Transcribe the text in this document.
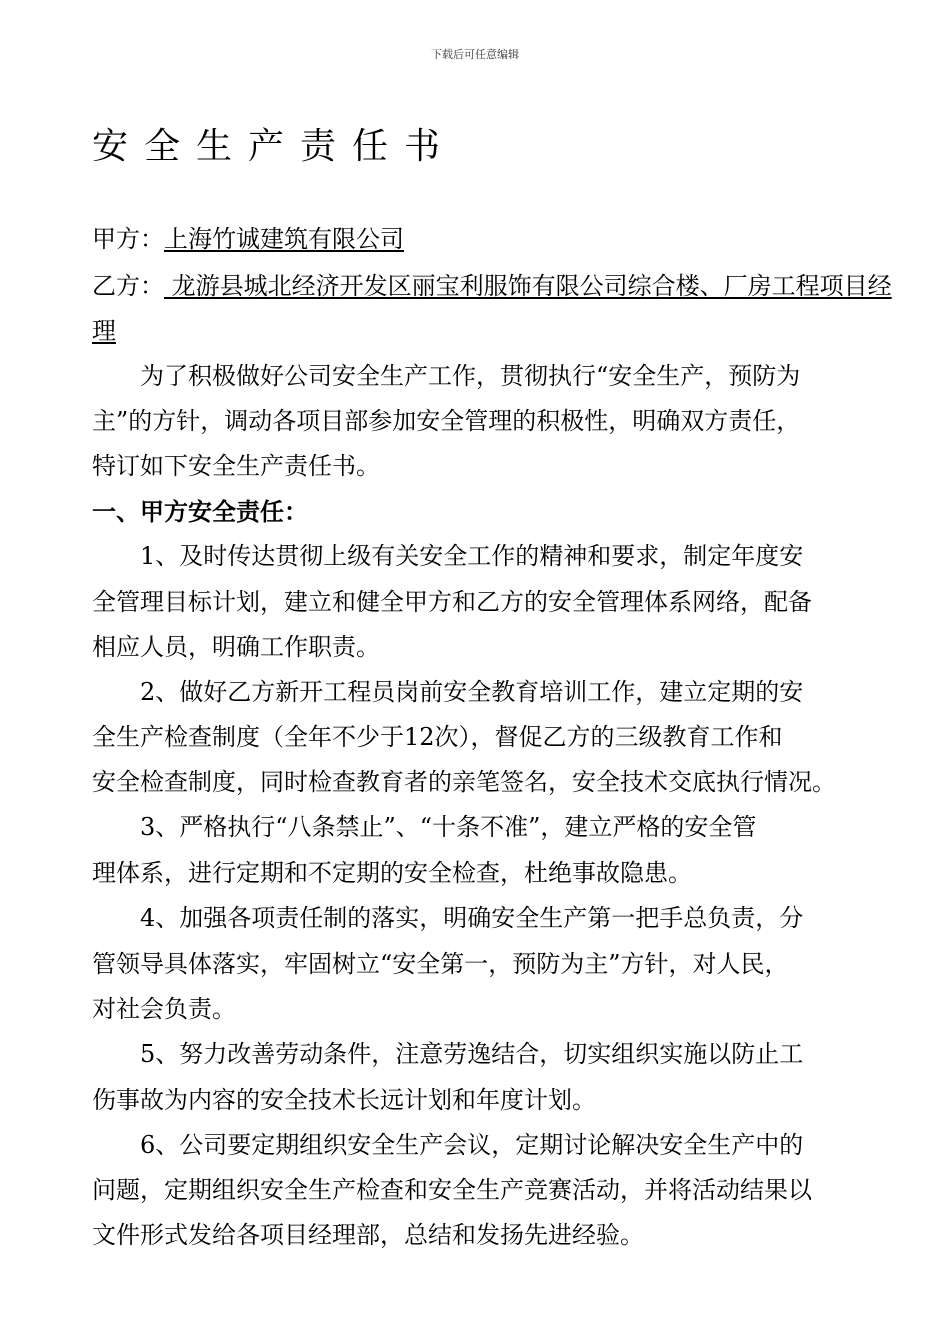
下载后可任意编辑
安全生产责任书
甲方：上海竹诚建筑有限公司
乙方： 龙游县城北经济开发区丽宝利服饰有限公司综合楼、厂房工程项目经
理
为了积极做好公司安全生产工作，贯彻执行“安全生产，预防为
主”的方针，调动各项目部参加安全管理的积极性，明确双方责任，
特订如下安全生产责任书。
一、甲方安全责任：
1、及时传达贯彻上级有关安全工作的精神和要求，制定年度安
全管理目标计划，建立和健全甲方和乙方的安全管理体系网络，配备
相应人员，明确工作职责。
2、做好乙方新开工程员岗前安全教育培训工作，建立定期的安
全生产检查制度（全年不少于12次），督促乙方的三级教育工作和
安全检查制度，同时检查教育者的亲笔签名，安全技术交底执行情况。
3、严格执行“八条禁止”、“十条不准”，建立严格的安全管
理体系，进行定期和不定期的安全检查，杜绝事故隐患。
4、加强各项责任制的落实，明确安全生产第一把手总负责，分
管领导具体落实，牢固树立“安全第一，预防为主”方针，对人民，
对社会负责。
5、努力改善劳动条件，注意劳逸结合，切实组织实施以防止工
伤事故为内容的安全技术长远计划和年度计划。
6、公司要定期组织安全生产会议，定期讨论解决安全生产中的
问题，定期组织安全生产检查和安全生产竞赛活动，并将活动结果以
文件形式发给各项目经理部，总结和发扬先进经验。
